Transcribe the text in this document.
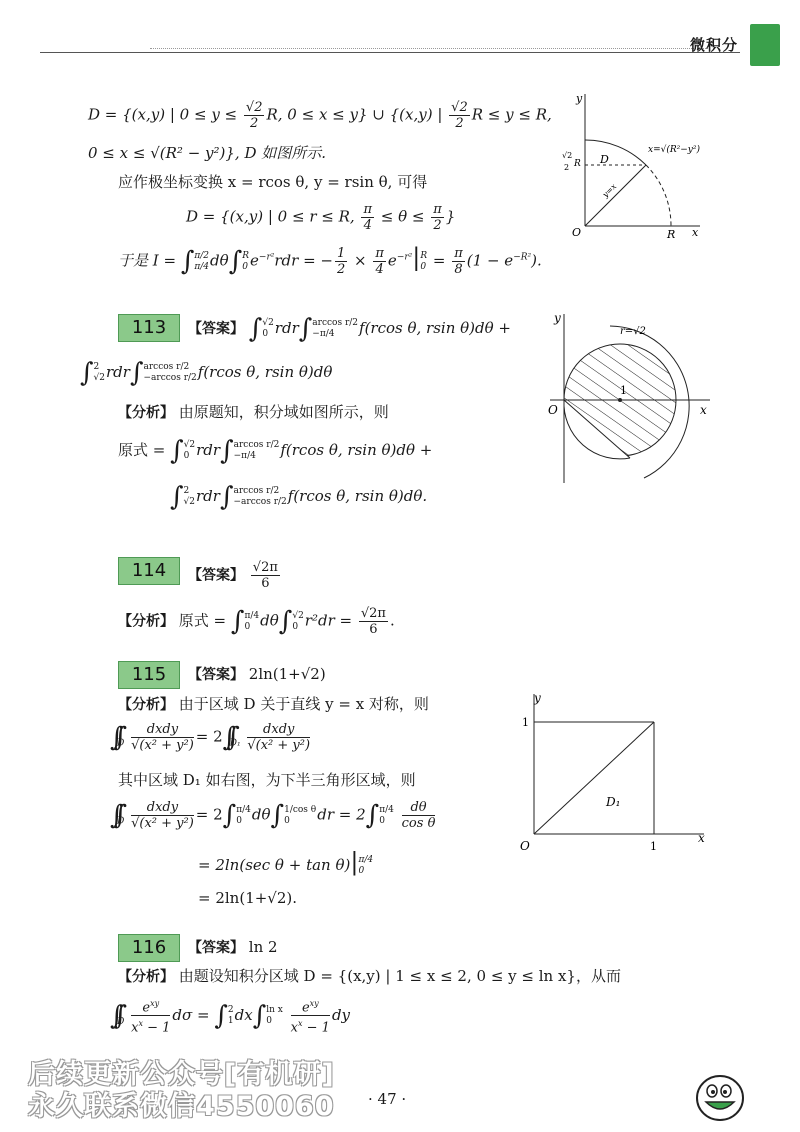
微积分
D = {(x,y) | $0 \le y \le \frac{√2}{2} R$, 0 ≤ x ≤ y} ∪ {(x,y) | $\frac{√2}{2}$ R ≤ y ≤ R,
0 ≤ x ≤ √(R² − y²)}, D 如图所示.
应作极坐标变换 x = rcos θ, y = rsin θ, 可得
D = {(x,y) | 0 ≤ r ≤ R, $\frac{\pi}{4} \le \theta \le \frac{\pi}{2}$ }
于是 I = ∫ π/2
π/4 dθ∫ R
0 $e^{-r^2}rdr$ = − $\frac{1}{2} \times \frac{\pi}{4} e^{-r^2}|$ R
$0 = \frac{\pi}{8} (1 - e^{-R^2})$.
y
x
O	R
D
√2
2 R
x=√(R²−y²)
y=x
113	【答案】 ∫ √2
0 rdr∫ arccos r/2
−π/4	f(rcos θ, rsin θ)dθ +
∫ 2
√2 rdr∫ arccos r/2
−arccos r/2 f(rcos θ, rsin θ)dθ
【分析】 由原题知，积分域如图所示，则
原式 = ∫ √2
0 rdr∫ arccos r/2
−π/4	f(rcos θ, rsin θ)dθ +
∫ 2
√2 rdr∫ arccos r/2
−arccos r/2 f(rcos θ, rsin θ)dθ.
y
x
O
1
r=√2
114	【答案】 $\frac{√2\pi}{6}$
【分析】 原式 = ∫ π/4
0 dθ∫ √2
0 $r^2dr = \frac{√2\pi}{6}$ .
115	【答案】 2ln(1+√2)
【分析】 由于区域 D 关于直线 y = x 对称，则
$\int\int_D \frac{\text{dxdy}}{\text{√(x² + y²)}} = 2\int\int_{D_1} \frac{\text{dxdy}}{\text{√(x² + y²)}}$
其中区域 D₁ 如右图，为下半三角形区域，则
$\int\int_D \frac{\text{dxdy}}{\text{√(x² + y²)}} = 2\int$ π/4
0 dθ∫ 1/cos θ
0	dr = 2∫ π/4
0
	$\frac{d\theta}{\text{cos θ}}$
= 2ln(sec θ + tan θ)| π/4
0
= 2ln(1+√2).
y
x
O	1
1
D₁
116	【答案】 ln 2
【分析】 由题设知积分区域 D = {(x,y) | 1 ≤ x ≤ 2, 0 ≤ y ≤ ln x}，从而
$\int\int_D \frac{e^{xy}}{x^x - 1}$ dσ = ∫ 2
1 dx∫ ln x
0
	$\frac{e^{xy}}{x^x - 1}$ dy
后续更新公众号[有机研]
永久联系微信4550060 · 47 ·
